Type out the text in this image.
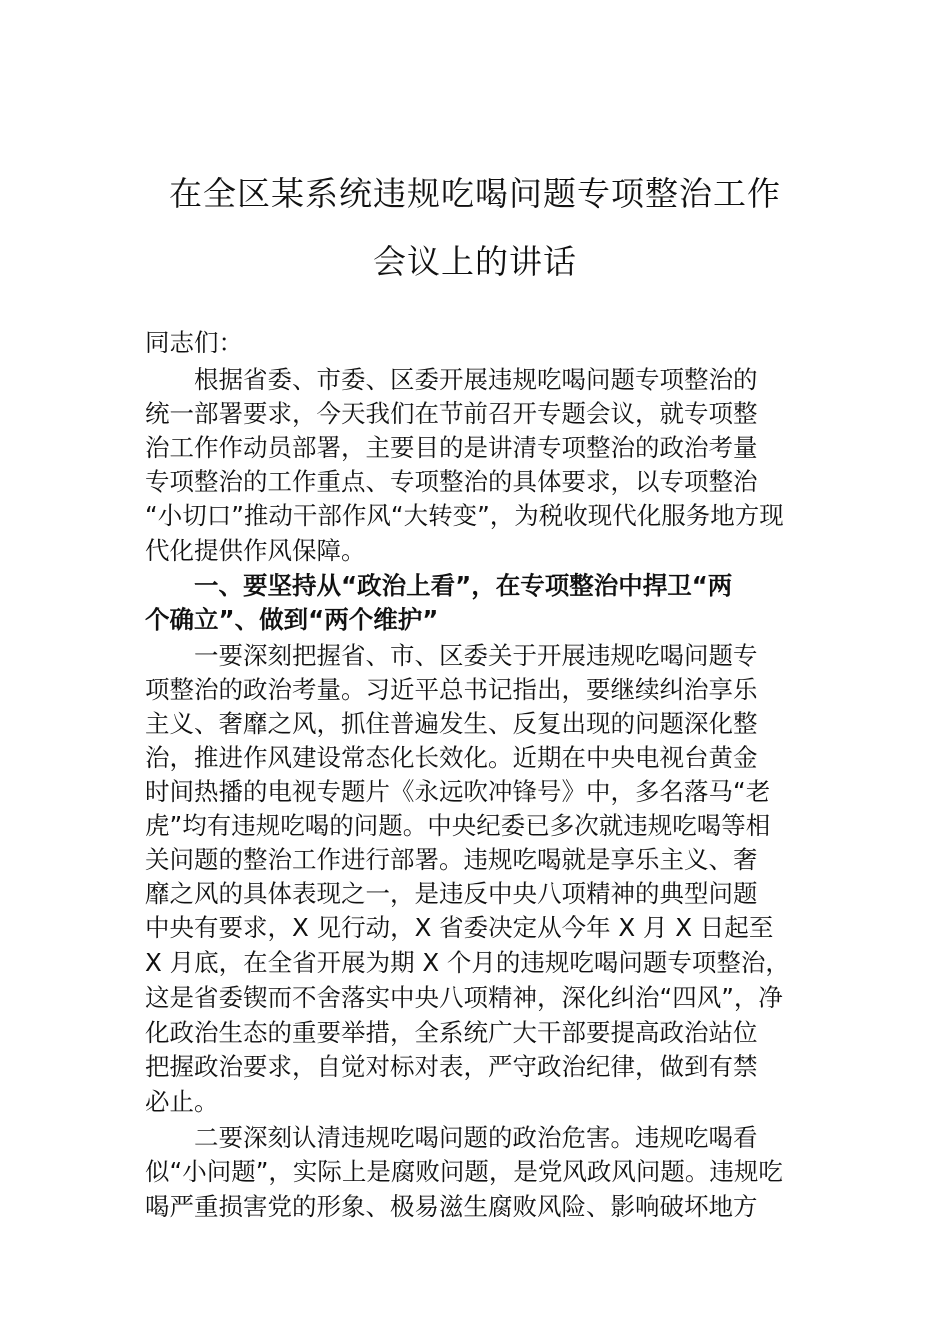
在全区某系统违规吃喝问题专项整治工作
会议上的讲话
同志们：
根据省委、市委、区委开展违规吃喝问题专项整治的
统一部署要求，今天我们在节前召开专题会议，就专项整
治工作作动员部署，主要目的是讲清专项整治的政治考量
专项整治的工作重点、专项整治的具体要求，以专项整治
“小切口”推动干部作风“大转变”，为税收现代化服务地方现
代化提供作风保障。
一、要坚持从“政治上看”，在专项整治中捍卫“两
个确立”、做到“两个维护”
一要深刻把握省、市、区委关于开展违规吃喝问题专
项整治的政治考量。习近平总书记指出，要继续纠治享乐
主义、奢靡之风，抓住普遍发生、反复出现的问题深化整
治，推进作风建设常态化长效化。近期在中央电视台黄金
时间热播的电视专题片《永远吹冲锋号》中，多名落马“老
虎”均有违规吃喝的问题。中央纪委已多次就违规吃喝等相
关问题的整治工作进行部署。违规吃喝就是享乐主义、奢
靡之风的具体表现之一，是违反中央八项精神的典型问题
中央有要求，X 见行动，X 省委决定从今年 X 月 X 日起至
X 月底，在全省开展为期 X 个月的违规吃喝问题专项整治，
这是省委锲而不舍落实中央八项精神，深化纠治“四风”，净
化政治生态的重要举措，全系统广大干部要提高政治站位
把握政治要求，自觉对标对表，严守政治纪律，做到有禁
必止。
二要深刻认清违规吃喝问题的政治危害。违规吃喝看
似“小问题”，实际上是腐败问题，是党风政风问题。违规吃
喝严重损害党的形象、极易滋生腐败风险、影响破坏地方
